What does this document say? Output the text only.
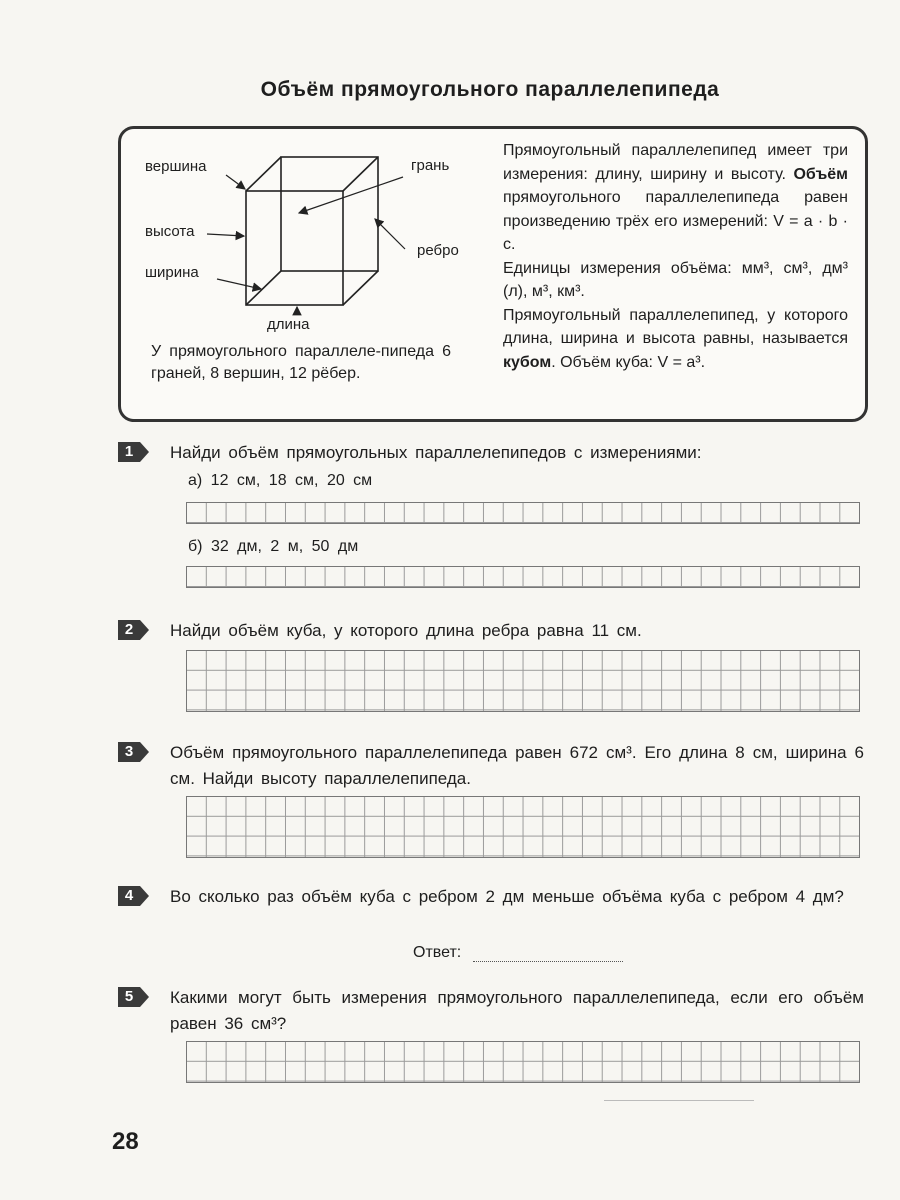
Объём прямоугольного параллелепипеда
вершина	грань
высота
ребро
ширина
длина
У прямоугольного параллеле-пипеда 6 граней, 8 вершин, 12 рёбер.

Прямоугольный параллелепипед имеет три измерения: длину, ширину и высоту. Объём прямоугольного параллелепипеда равен произведению трёх его измерений: V = a · b · c.

Единицы измерения объёма: мм³, см³, дм³ (л), м³, км³.

Прямоугольный параллелепипед, у которого длина, ширина и высота равны, называется кубом. Объём куба: V = a³.

1	Найди объём прямоугольных параллелепипедов с измерениями:
а) 12 см, 18 см, 20 см
б) 32 дм, 2 м, 50 дм
2	Найди объём куба, у которого длина ребра равна 11 см.
3	Объём прямоугольного параллелепипеда равен 672 см³. Его длина 8 см, ширина 6 см. Найди высоту параллелепипеда.
4	Во сколько раз объём куба с ребром 2 дм меньше объёма куба с ребром 4 дм?
Ответ:
5	Какими могут быть измерения прямоугольного параллелепипеда, если его объём равен 36 см³?
28
